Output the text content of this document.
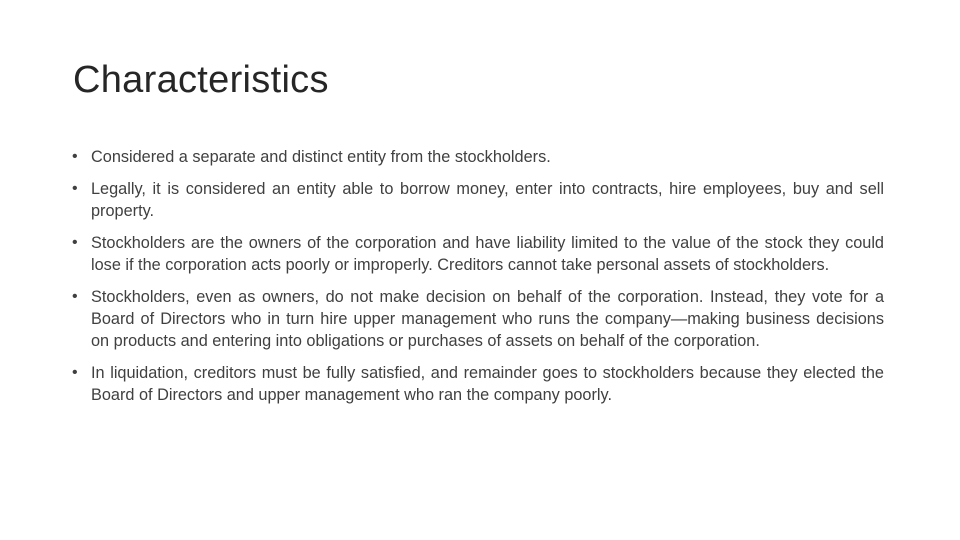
Characteristics
• Considered a separate and distinct entity from the stockholders.
• Legally, it is considered an entity able to borrow money, enter into contracts, hire employees, buy and sell property.
• Stockholders are the owners of the corporation and have liability limited to the value of the stock they could lose if the corporation acts poorly or improperly. Creditors cannot take personal assets of stockholders.
• Stockholders, even as owners, do not make decision on behalf of the corporation. Instead, they vote for a Board of Directors who in turn hire upper management who runs the company—making business decisions on products and entering into obligations or purchases of assets on behalf of the corporation.
• In liquidation, creditors must be fully satisfied, and remainder goes to stockholders because they elected the Board of Directors and upper management who ran the company poorly.
